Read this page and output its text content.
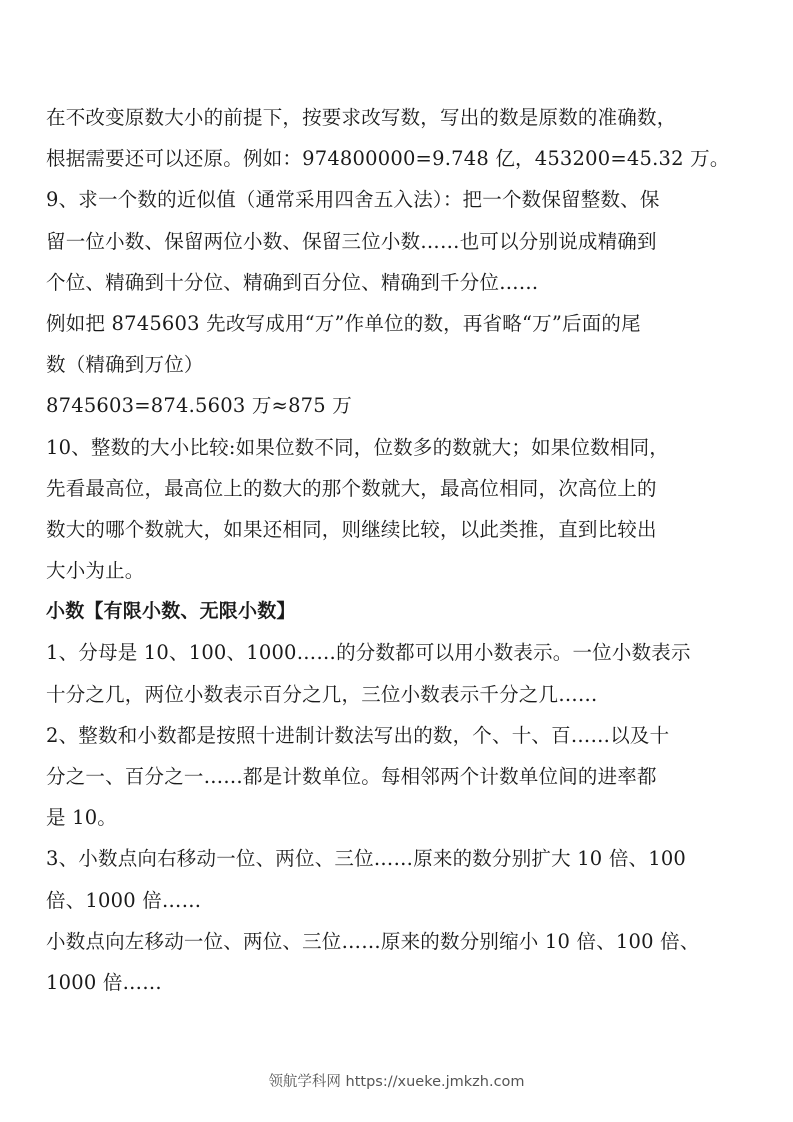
在不改变原数大小的前提下，按要求改写数，写出的数是原数的准确数，
根据需要还可以还原。例如：974800000=9.748 亿，453200=45.32 万。
9、求一个数的近似值（通常采用四舍五入法）：把一个数保留整数、保
留一位小数、保留两位小数、保留三位小数……也可以分别说成精确到
个位、精确到十分位、精确到百分位、精确到千分位……
例如把 8745603 先改写成用“万”作单位的数，再省略“万”后面的尾
数（精确到万位）
8745603=874.5603 万≈875 万
10、整数的大小比较:如果位数不同，位数多的数就大；如果位数相同，
先看最高位，最高位上的数大的那个数就大，最高位相同，次高位上的
数大的哪个数就大，如果还相同，则继续比较，以此类推，直到比较出
大小为止。
小数【有限小数、无限小数】
1、分母是 10、100、1000……的分数都可以用小数表示。一位小数表示
十分之几，两位小数表示百分之几，三位小数表示千分之几……
2、整数和小数都是按照十进制计数法写出的数，个、十、百……以及十
分之一、百分之一……都是计数单位。每相邻两个计数单位间的进率都
是 10。
3、小数点向右移动一位、两位、三位……原来的数分别扩大 10 倍、100
倍、1000 倍……
小数点向左移动一位、两位、三位……原来的数分别缩小 10 倍、100 倍、
1000 倍……
领航学科网 https://xueke.jmkzh.com
